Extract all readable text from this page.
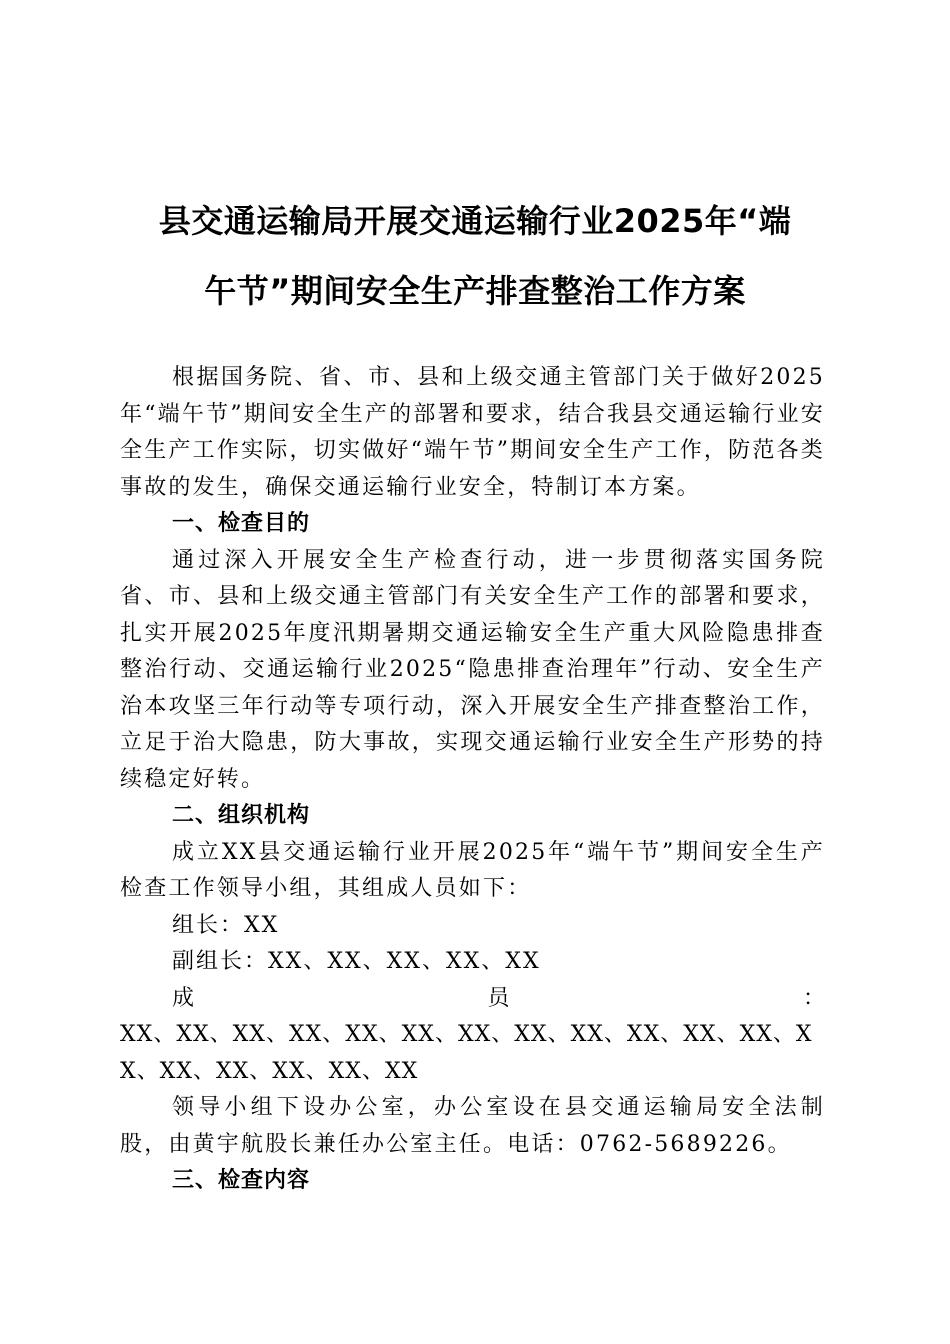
县交通运输局开展交通运输行业2025年“端
午节”期间安全生产排查整治工作方案

根据国务院、省、市、县和上级交通主管部门关于做好2025年“端午节”期间安全生产的部署和要求，结合我县交通运输行业安全生产工作实际，切实做好“端午节”期间安全生产工作，防范各类事故的发生，确保交通运输行业安全，特制订本方案。

一、检查目的

通过深入开展安全生产检查行动，进一步贯彻落实国务院省、市、县和上级交通主管部门有关安全生产工作的部署和要求，扎实开展2025年度汛期暑期交通运输安全生产重大风险隐患排查整治行动、交通运输行业2025“隐患排查治理年”行动、安全生产治本攻坚三年行动等专项行动，深入开展安全生产排查整治工作，立足于治大隐患，防大事故，实现交通运输行业安全生产形势的持续稳定好转。

二、组织机构

成立XX县交通运输行业开展2025年“端午节”期间安全生产检查工作领导小组，其组成人员如下：

组长：XX

副组长：XX、XX、XX、XX、XX

成	员	：

XX、XX、XX、XX、XX、XX、XX、XX、XX、XX、XX、XX、XX、XX、XX、XX、XX、XX

领导小组下设办公室，办公室设在县交通运输局安全法制股，由黄宇航股长兼任办公室主任。电话：0762-5689226。

三、检查内容
